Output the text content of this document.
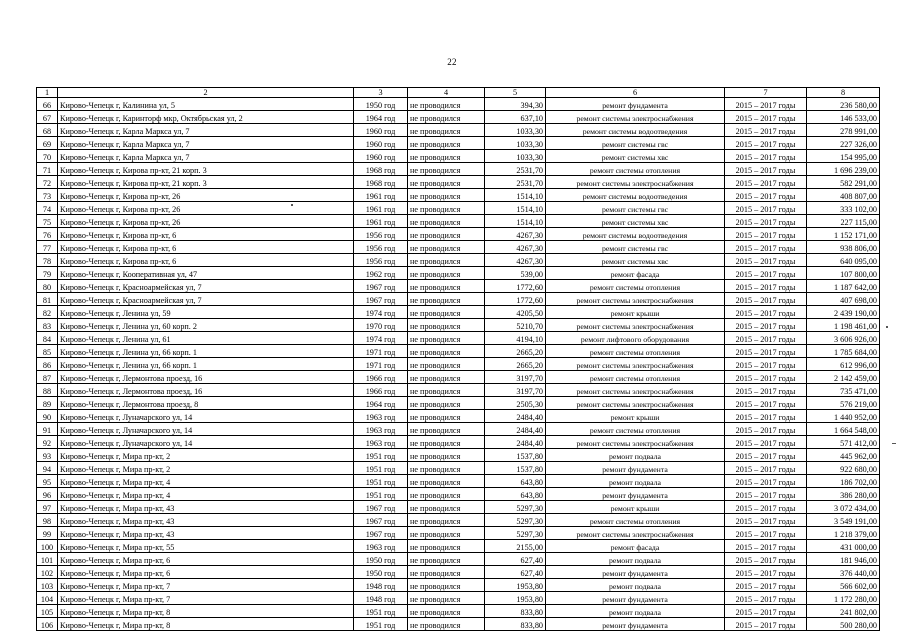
22
1	2	3	4	5	6	7	8
66	Кирово-Чепецк г, Калинина ул, 5	1950 год	не проводился	394,30	ремонт фундамента	2015 – 2017 годы	236 580,00
67	Кирово-Чепецк г, Каринторф мкр, Октябрьская ул, 2	1964 год	не проводился	637,10	ремонт системы электроснабжения	2015 – 2017 годы	146 533,00
68	Кирово-Чепецк г, Карла Маркса ул, 7	1960 год	не проводился	1033,30	ремонт системы водоотведения	2015 – 2017 годы	278 991,00
69	Кирово-Чепецк г, Карла Маркса ул, 7	1960 год	не проводился	1033,30	ремонт системы гвс	2015 – 2017 годы	227 326,00
70	Кирово-Чепецк г, Карла Маркса ул, 7	1960 год	не проводился	1033,30	ремонт системы хвс	2015 – 2017 годы	154 995,00
71	Кирово-Чепецк г, Кирова пр-кт, 21 корп. 3	1968 год	не проводился	2531,70	ремонт системы отопления	2015 – 2017 годы	1 696 239,00
72	Кирово-Чепецк г, Кирова пр-кт, 21 корп. 3	1968 год	не проводился	2531,70	ремонт системы электроснабжения	2015 – 2017 годы	582 291,00
73	Кирово-Чепецк г, Кирова пр-кт, 26	1961 год	не проводился	1514,10	ремонт системы водоотведения	2015 – 2017 годы	408 807,00
74	Кирово-Чепецк г, Кирова пр-кт, 26	1961 год	не проводился	1514,10	ремонт системы гвс	2015 – 2017 годы	333 102,00
75	Кирово-Чепецк г, Кирова пр-кт, 26	1961 год	не проводился	1514,10	ремонт системы хвс	2015 – 2017 годы	227 115,00
76	Кирово-Чепецк г, Кирова пр-кт, 6	1956 год	не проводился	4267,30	ремонт системы водоотведения	2015 – 2017 годы	1 152 171,00
77	Кирово-Чепецк г, Кирова пр-кт, 6	1956 год	не проводился	4267,30	ремонт системы гвс	2015 – 2017 годы	938 806,00
78	Кирово-Чепецк г, Кирова пр-кт, 6	1956 год	не проводился	4267,30	ремонт системы хвс	2015 – 2017 годы	640 095,00
79	Кирово-Чепецк г, Кооперативная ул, 47	1962 год	не проводился	539,00	ремонт фасада	2015 – 2017 годы	107 800,00
80	Кирово-Чепецк г, Красноармейская ул, 7	1967 год	не проводился	1772,60	ремонт системы отопления	2015 – 2017 годы	1 187 642,00
81	Кирово-Чепецк г, Красноармейская ул, 7	1967 год	не проводился	1772,60	ремонт системы электроснабжения	2015 – 2017 годы	407 698,00
82	Кирово-Чепецк г, Ленина ул, 59	1974 год	не проводился	4205,50	ремонт крыши	2015 – 2017 годы	2 439 190,00
83	Кирово-Чепецк г, Ленина ул, 60 корп. 2	1970 год	не проводился	5210,70	ремонт системы электроснабжения	2015 – 2017 годы	1 198 461,00
84	Кирово-Чепецк г, Ленина ул, 61	1974 год	не проводился	4194,10	ремонт лифтового оборудования	2015 – 2017 годы	3 606 926,00
85	Кирово-Чепецк г, Ленина ул, 66 корп. 1	1971 год	не проводился	2665,20	ремонт системы отопления	2015 – 2017 годы	1 785 684,00
86	Кирово-Чепецк г, Ленина ул, 66 корп. 1	1971 год	не проводился	2665,20	ремонт системы электроснабжения	2015 – 2017 годы	612 996,00
87	Кирово-Чепецк г, Лермонтова проезд, 16	1966 год	не проводился	3197,70	ремонт системы отопления	2015 – 2017 годы	2 142 459,00
88	Кирово-Чепецк г, Лермонтова проезд, 16	1966 год	не проводился	3197,70	ремонт системы электроснабжения	2015 – 2017 годы	735 471,00
89	Кирово-Чепецк г, Лермонтова проезд, 8	1964 год	не проводился	2505,30	ремонт системы электроснабжения	2015 – 2017 годы	576 219,00
90	Кирово-Чепецк г, Луначарского ул, 14	1963 год	не проводился	2484,40	ремонт крыши	2015 – 2017 годы	1 440 952,00
91	Кирово-Чепецк г, Луначарского ул, 14	1963 год	не проводился	2484,40	ремонт системы отопления	2015 – 2017 годы	1 664 548,00
92	Кирово-Чепецк г, Луначарского ул, 14	1963 год	не проводился	2484,40	ремонт системы электроснабжения	2015 – 2017 годы	571 412,00
93	Кирово-Чепецк г, Мира пр-кт, 2	1951 год	не проводился	1537,80	ремонт подвала	2015 – 2017 годы	445 962,00
94	Кирово-Чепецк г, Мира пр-кт, 2	1951 год	не проводился	1537,80	ремонт фундамента	2015 – 2017 годы	922 680,00
95	Кирово-Чепецк г, Мира пр-кт, 4	1951 год	не проводился	643,80	ремонт подвала	2015 – 2017 годы	186 702,00
96	Кирово-Чепецк г, Мира пр-кт, 4	1951 год	не проводился	643,80	ремонт фундамента	2015 – 2017 годы	386 280,00
97	Кирово-Чепецк г, Мира пр-кт, 43	1967 год	не проводился	5297,30	ремонт крыши	2015 – 2017 годы	3 072 434,00
98	Кирово-Чепецк г, Мира пр-кт, 43	1967 год	не проводился	5297,30	ремонт системы отопления	2015 – 2017 годы	3 549 191,00
99	Кирово-Чепецк г, Мира пр-кт, 43	1967 год	не проводился	5297,30	ремонт системы электроснабжения	2015 – 2017 годы	1 218 379,00
100	Кирово-Чепецк г, Мира пр-кт, 55	1963 год	не проводился	2155,00	ремонт фасада	2015 – 2017 годы	431 000,00
101	Кирово-Чепецк г, Мира пр-кт, 6	1950 год	не проводился	627,40	ремонт подвала	2015 – 2017 годы	181 946,00
102	Кирово-Чепецк г, Мира пр-кт, 6	1950 год	не проводился	627,40	ремонт фундамента	2015 – 2017 годы	376 440,00
103	Кирово-Чепецк г, Мира пр-кт, 7	1948 год	не проводился	1953,80	ремонт подвала	2015 – 2017 годы	566 602,00
104	Кирово-Чепецк г, Мира пр-кт, 7	1948 год	не проводился	1953,80	ремонт фундамента	2015 – 2017 годы	1 172 280,00
105	Кирово-Чепецк г, Мира пр-кт, 8	1951 год	не проводился	833,80	ремонт подвала	2015 – 2017 годы	241 802,00
106	Кирово-Чепецк г, Мира пр-кт, 8	1951 год	не проводился	833,80	ремонт фундамента	2015 – 2017 годы	500 280,00
